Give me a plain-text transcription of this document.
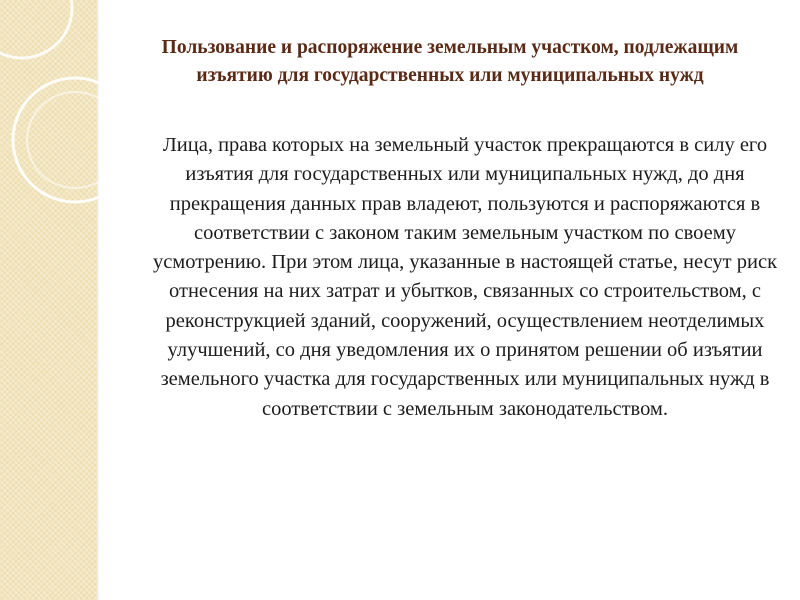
Пользование и распоряжение земельным участком, подлежащим изъятию для государственных или муниципальных нужд

Лица, права которых на земельный участок прекращаются в силу его изъятия для государственных или муниципальных нужд, до дня прекращения данных прав владеют, пользуются и распоряжаются в соответствии с законом таким земельным участком по своему усмотрению. При этом лица, указанные в настоящей статье, несут риск отнесения на них затрат и убытков, связанных со строительством, с реконструкцией зданий, сооружений, осуществлением неотделимых улучшений, со дня уведомления их о принятом решении об изъятии земельного участка для государственных или муниципальных нужд в соответствии с земельным законодательством.
